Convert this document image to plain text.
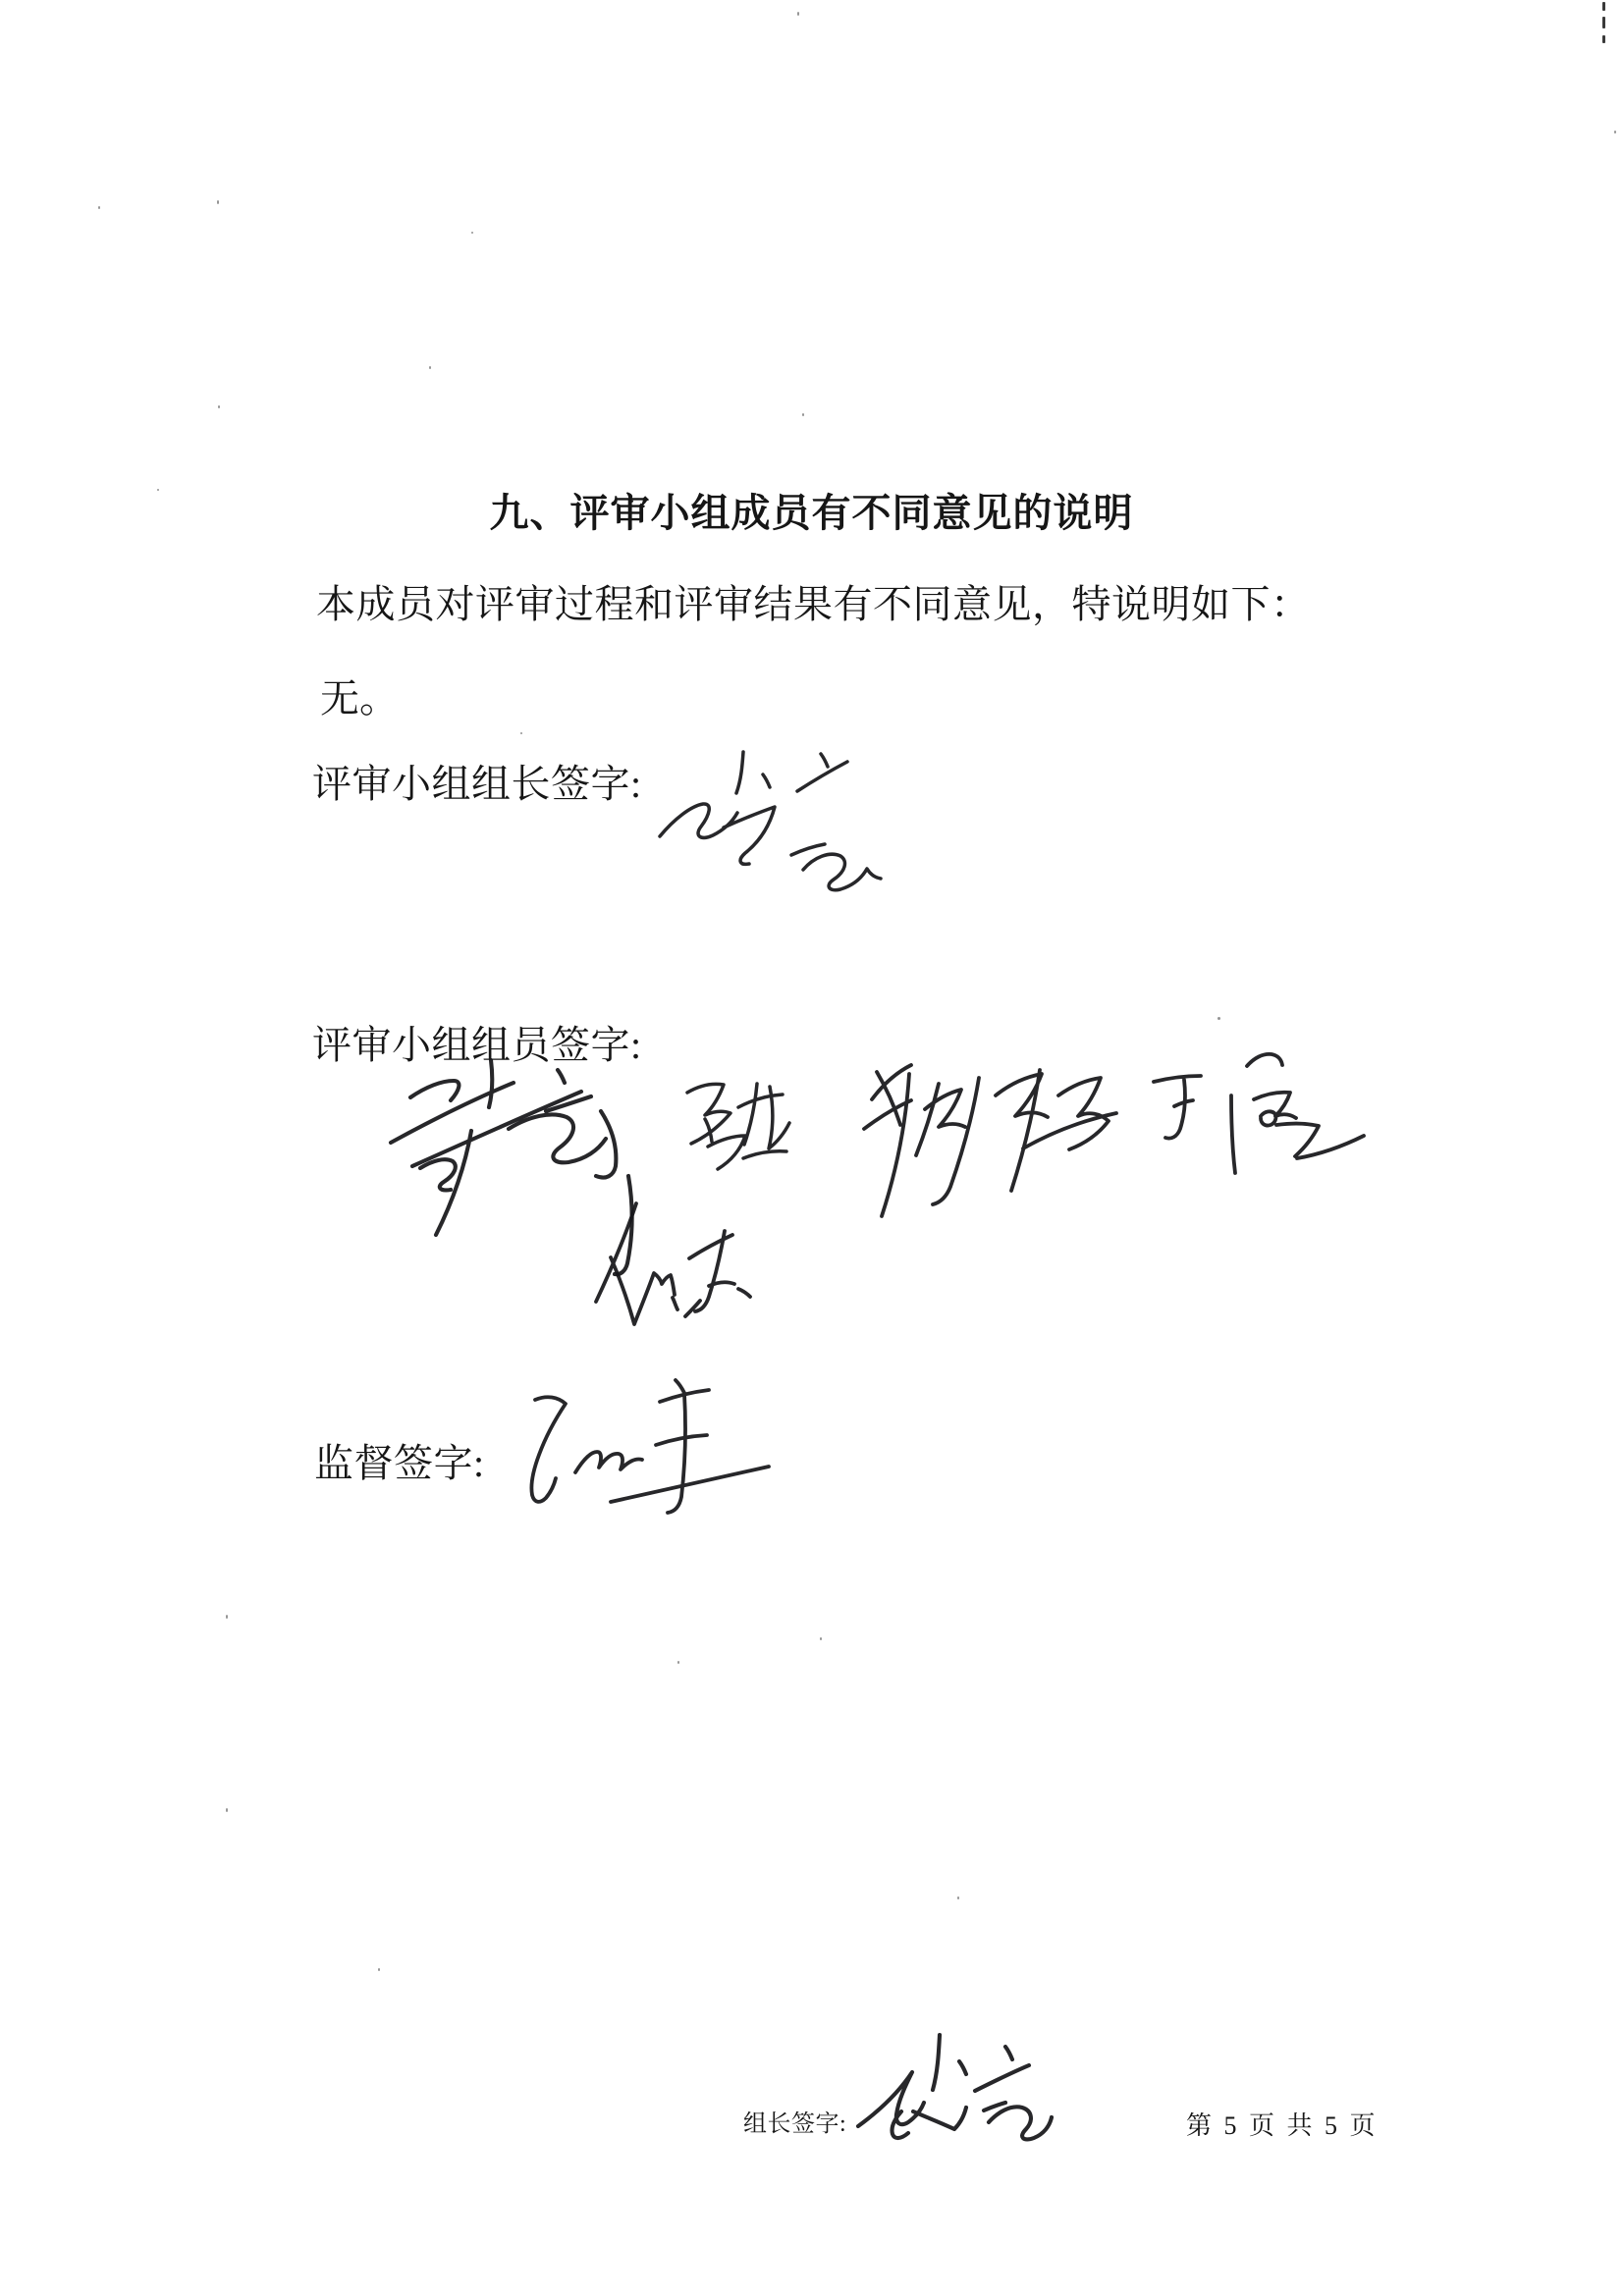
九、评审小组成员有不同意见的说明

本成员对评审过程和评审结果有不同意见，特说明如下：

无。

评审小组组长签字:

评审小组组员签字:

监督签字:

组长签字:	第 5 页 共 5 页
